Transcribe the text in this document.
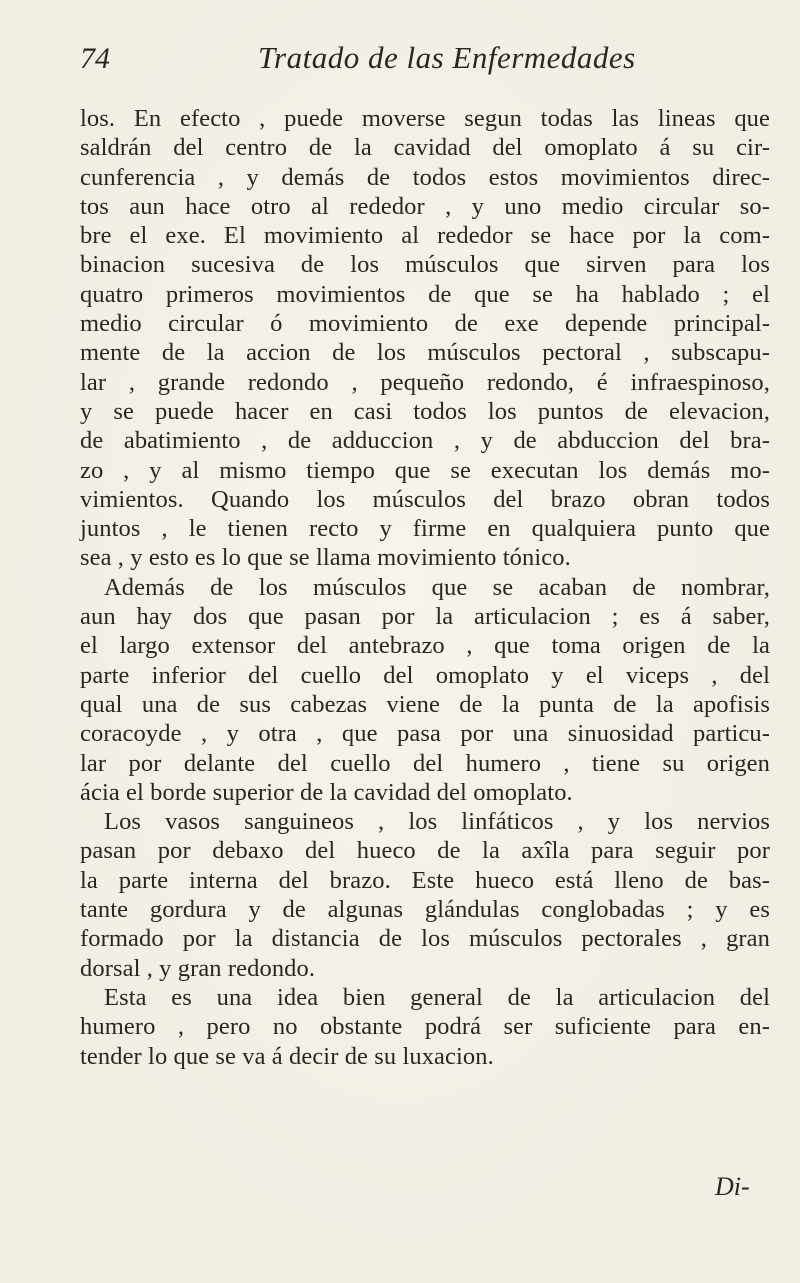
74	Tratado de las Enfermedades
los. En efecto , puede moverse segun todas las lineas que
saldrán del centro de la cavidad del omoplato á su cir-
cunferencia , y demás de todos estos movimientos direc-
tos aun hace otro al rededor , y uno medio circular so-
bre el exe. El movimiento al rededor se hace por la com-
binacion sucesiva de los músculos que sirven para los
quatro primeros movimientos de que se ha hablado ; el
medio circular ó movimiento de exe depende principal-
mente de la accion de los músculos pectoral , subscapu-
lar , grande redondo , pequeño redondo, é infraespinoso,
y se puede hacer en casi todos los puntos de elevacion,
de abatimiento , de adduccion , y de abduccion del bra-
zo , y al mismo tiempo que se executan los demás mo-
vimientos. Quando los músculos del brazo obran todos
juntos , le tienen recto y firme en qualquiera punto que
sea , y esto es lo que se llama movimiento tónico.
Además de los músculos que se acaban de nombrar,
aun hay dos que pasan por la articulacion ; es á saber,
el largo extensor del antebrazo , que toma origen de la
parte inferior del cuello del omoplato y el viceps , del
qual una de sus cabezas viene de la punta de la apofisis
coracoyde , y otra , que pasa por una sinuosidad particu-
lar por delante del cuello del humero , tiene su origen
ácia el borde superior de la cavidad del omoplato.
Los vasos sanguineos , los linfáticos , y los nervios
pasan por debaxo del hueco de la axîla para seguir por
la parte interna del brazo. Este hueco está lleno de bas-
tante gordura y de algunas glándulas conglobadas ; y es
formado por la distancia de los músculos pectorales , gran
dorsal , y gran redondo.
Esta es una idea bien general de la articulacion del
humero , pero no obstante podrá ser suficiente para en-
tender lo que se va á decir de su luxacion.
Di-
